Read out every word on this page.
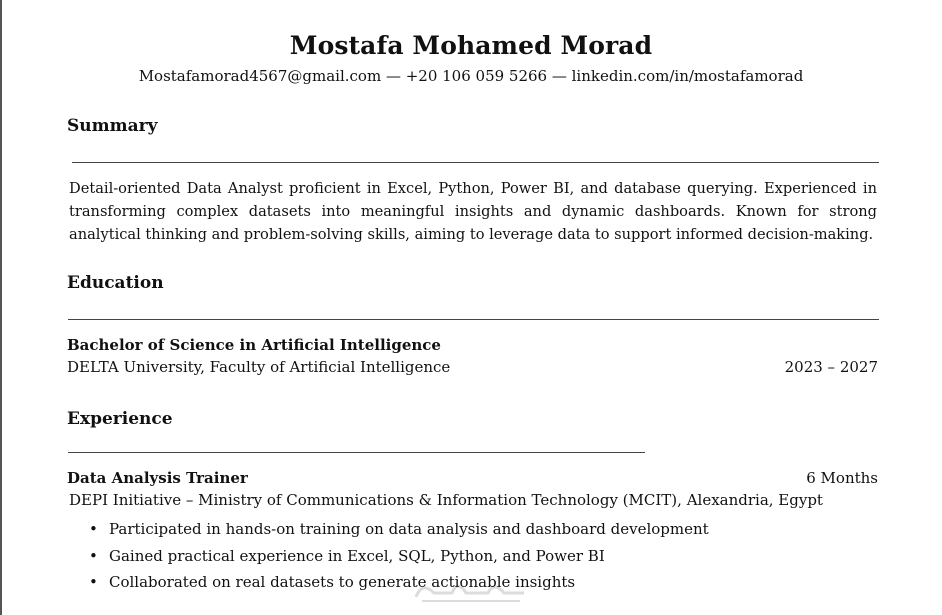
Mostafa Mohamed Morad
Mostafamorad4567@gmail.com — +20 106 059 5266 — linkedin.com/in/mostafamorad
Summary
Detail-oriented Data Analyst proficient in Excel, Python, Power BI, and database querying. Experienced in transforming complex datasets into meaningful insights and dynamic dashboards. Known for strong analytical thinking and problem-solving skills, aiming to leverage data to support informed decision-making.
Education
Bachelor of Science in Artificial Intelligence
DELTA University, Faculty of Artificial Intelligence	2023 – 2027
Experience
Data Analysis Trainer	6 Months
DEPI Initiative – Ministry of Communications & Information Technology (MCIT), Alexandria, Egypt
• Participated in hands-on training on data analysis and dashboard development
• Gained practical experience in Excel, SQL, Python, and Power BI
• Collaborated on real datasets to generate actionable insights
